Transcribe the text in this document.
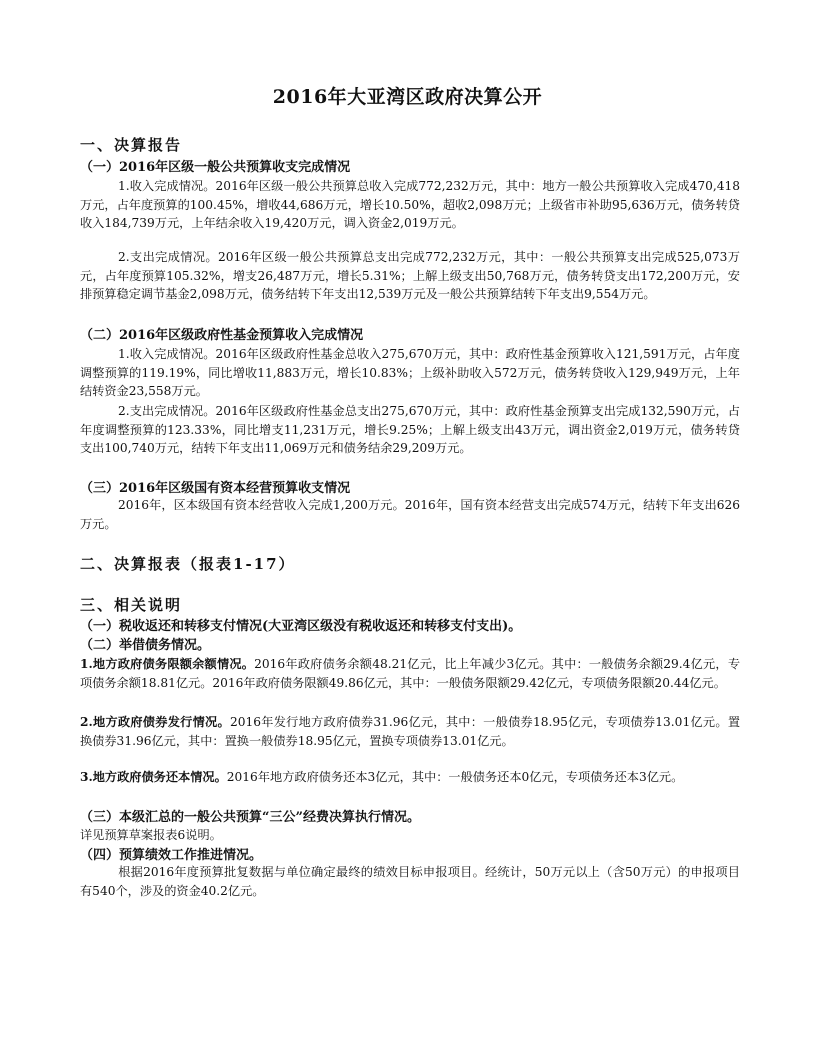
2016年大亚湾区政府决算公开
一、决算报告
（一）2016年区级一般公共预算收支完成情况
1.收入完成情况。2016年区级一般公共预算总收入完成772,232万元，其中：地方一般公共预算收入完成470,418万元，占年度预算的100.45%，增收44,686万元，增长10.50%，超收2,098万元；上级省市补助95,636万元，债务转贷收入184,739万元，上年结余收入19,420万元，调入资金2,019万元。
2.支出完成情况。2016年区级一般公共预算总支出完成772,232万元，其中：一般公共预算支出完成525,073万元，占年度预算105.32%，增支26,487万元，增长5.31%；上解上级支出50,768万元，债务转贷支出172,200万元，安排预算稳定调节基金2,098万元，债务结转下年支出12,539万元及一般公共预算结转下年支出9,554万元。
（二）2016年区级政府性基金预算收入完成情况
1.收入完成情况。2016年区级政府性基金总收入275,670万元，其中：政府性基金预算收入121,591万元，占年度调整预算的119.19%，同比增收11,883万元，增长10.83%；上级补助收入572万元，债务转贷收入129,949万元，上年结转资金23,558万元。
2.支出完成情况。2016年区级政府性基金总支出275,670万元，其中：政府性基金预算支出完成132,590万元，占年度调整预算的123.33%，同比增支11,231万元，增长9.25%；上解上级支出43万元，调出资金2,019万元，债务转贷支出100,740万元，结转下年支出11,069万元和债务结余29,209万元。
（三）2016年区级国有资本经营预算收支情况
2016年，区本级国有资本经营收入完成1,200万元。2016年，国有资本经营支出完成574万元，结转下年支出626万元。
二、决算报表（报表1-17）
三、相关说明
（一）税收返还和转移支付情况(大亚湾区级没有税收返还和转移支付支出)。
（二）举借债务情况。
1.地方政府债务限额余额情况。2016年政府债务余额48.21亿元，比上年减少3亿元。其中：一般债务余额29.4亿元，专项债务余额18.81亿元。2016年政府债务限额49.86亿元，其中：一般债务限额29.42亿元，专项债务限额20.44亿元。
2.地方政府债券发行情况。2016年发行地方政府债券31.96亿元，其中：一般债券18.95亿元，专项债券13.01亿元。置换债券31.96亿元，其中：置换一般债券18.95亿元，置换专项债券13.01亿元。
3.地方政府债务还本情况。2016年地方政府债务还本3亿元，其中：一般债务还本0亿元，专项债务还本3亿元。
（三）本级汇总的一般公共预算“三公”经费决算执行情况。
详见预算草案报表6说明。
（四）预算绩效工作推进情况。
根据2016年度预算批复数据与单位确定最终的绩效目标申报项目。经统计，50万元以上（含50万元）的申报项目有540个，涉及的资金40.2亿元。
